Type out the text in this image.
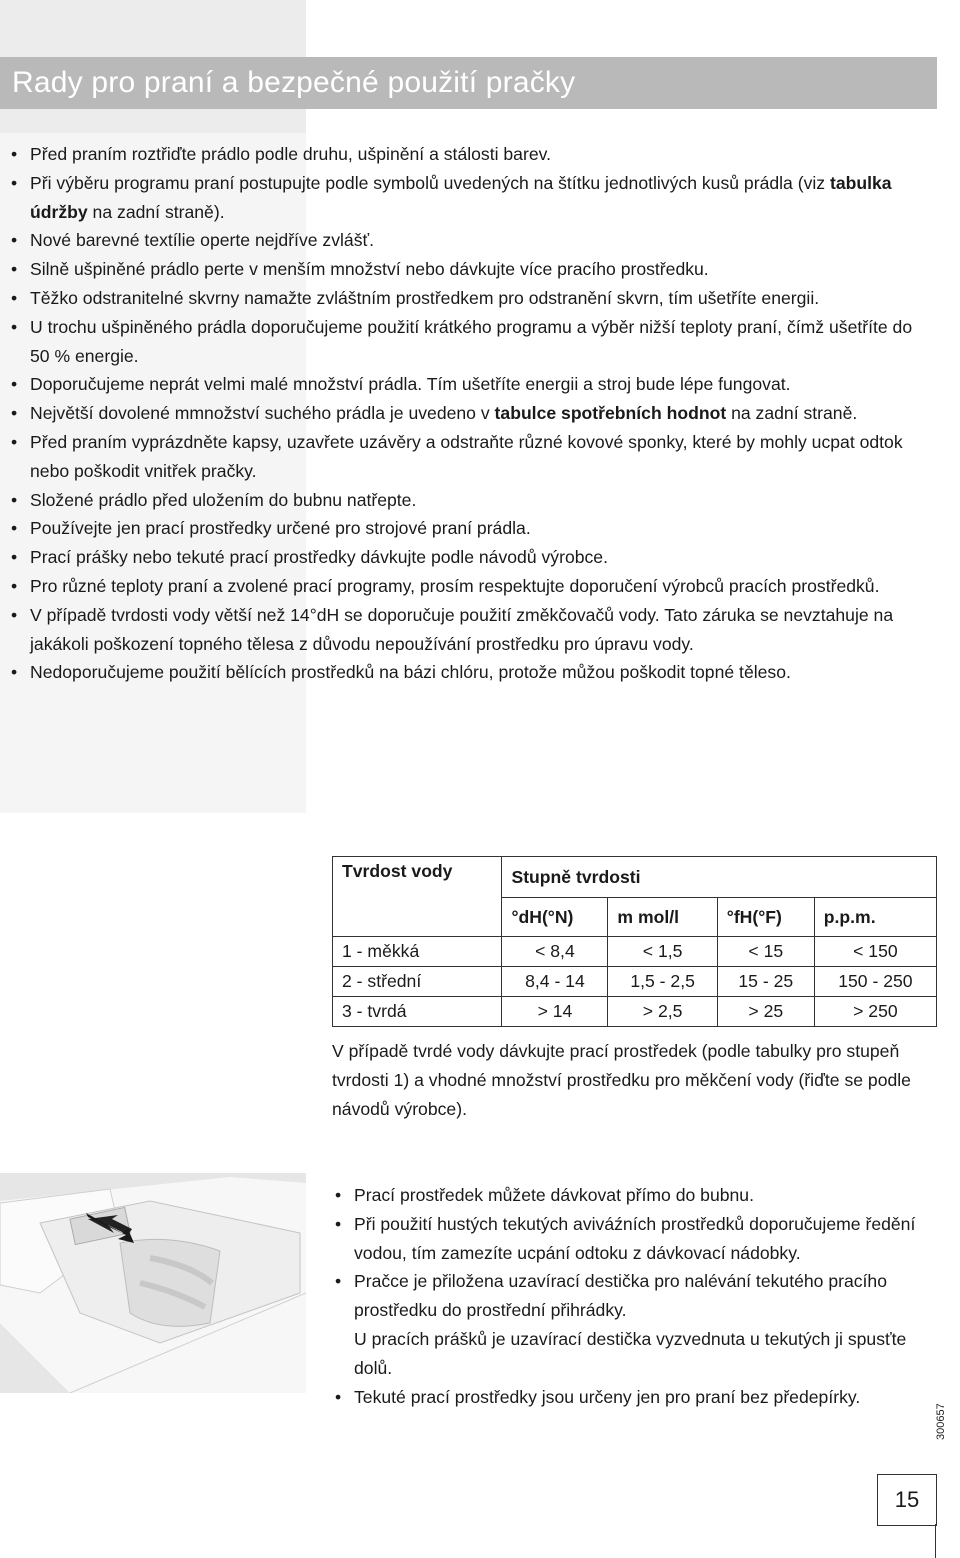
Rady pro praní a bezpečné použití pračky
• Před praním roztřiďte prádlo podle druhu, ušpinění a stálosti barev.
• Při výběru programu praní postupujte podle symbolů uvedených na štítku jednotlivých kusů prádla (viz tabulka údržby na zadní straně).
• Nové barevné textílie operte nejdříve zvlášť.
• Silně ušpiněné prádlo perte v menším množství nebo dávkujte více pracího prostředku.
• Těžko odstranitelné skvrny namažte zvláštním prostředkem pro odstranění skvrn, tím ušetříte energii.
• U trochu ušpiněného prádla doporučujeme použití krátkého programu a výběr nižší teploty praní, čímž ušetříte do 50 % energie.
• Doporučujeme neprát velmi malé množství prádla. Tím ušetříte energii a stroj bude lépe fungovat.
• Největší dovolené mmnožství suchého prádla je uvedeno v tabulce spotřebních hodnot na zadní straně.
• Před praním vyprázdněte kapsy, uzavřete uzávěry a odstraňte různé kovové sponky, které by mohly ucpat odtok nebo poškodit vnitřek pračky.
• Složené prádlo před uložením do bubnu natřepte.
• Používejte jen prací prostředky určené pro strojové praní prádla.
• Prací prášky nebo tekuté prací prostředky dávkujte podle návodů výrobce.
• Pro různé teploty praní a zvolené prací programy, prosím respektujte doporučení výrobců pracích prostředků.
• V případě tvrdosti vody větší než 14°dH se doporučuje použití změkčovačů vody. Tato záruka se nevztahuje na jakákoli poškození topného tělesa z důvodu nepoužívání prostředku pro úpravu vody.
• Nedoporučujeme použití bělících prostředků na bázi chlóru, protože můžou poškodit topné těleso.
Tvrdost vody	Stupně tvrdosti			
	°dH(°N)	m mol/l	°fH(°F)	p.p.m.
1 - měkká	< 8,4	< 1,5	< 15	< 150
2 - střední	8,4 - 14	1,5 - 2,5	15 - 25	150 - 250
3 - tvrdá	> 14	> 2,5	> 25	> 250
V případě tvrdé vody dávkujte prací prostředek (podle tabulky pro stupeň tvrdosti 1) a vhodné množství prostředku pro měkčení vody (řiďte se podle návodů výrobce).
• Prací prostředek můžete dávkovat přímo do bubnu.
• Při použití hustých tekutých aviváźních prostředků doporučujeme ředění vodou, tím zamezíte ucpání odtoku z dávkovací nádobky.
• Pračce je přiložena uzavírací destička pro nalévání tekutého pracího prostředku do prostřední přihrádky.
U pracích prášků je uzavírací destička vyzvednuta u tekutých ji spusťte dolů.
• Tekuté prací prostředky jsou určeny jen pro praní bez předepírky.
300657
15
